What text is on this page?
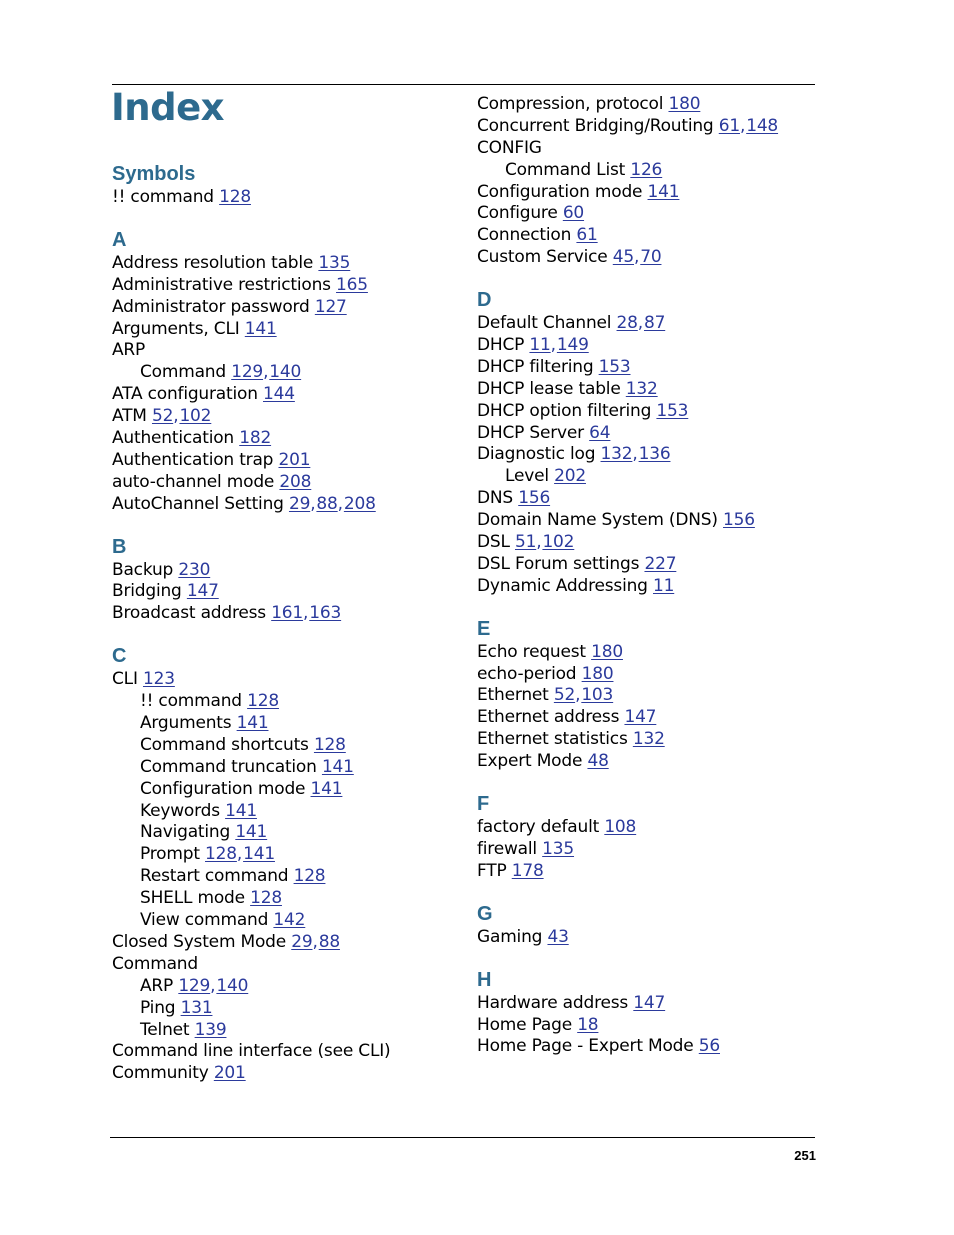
Index
Symbols
!! command 128
A
Address resolution table 135
Administrative restrictions 165
Administrator password 127
Arguments, CLI 141
ARP
Command 129,140
ATA configuration 144
ATM 52,102
Authentication 182
Authentication trap 201
auto-channel mode 208
AutoChannel Setting 29,88,208
B
Backup 230
Bridging 147
Broadcast address 161,163
C
CLI 123
!! command 128
Arguments 141
Command shortcuts 128
Command truncation 141
Configuration mode 141
Keywords 141
Navigating 141
Prompt 128,141
Restart command 128
SHELL mode 128
View command 142
Closed System Mode 29,88
Command
ARP 129,140
Ping 131
Telnet 139
Command line interface (see CLI)
Community 201
Compression, protocol 180
Concurrent Bridging/Routing 61,148
CONFIG
Command List 126
Configuration mode 141
Configure 60
Connection 61
Custom Service 45,70
D
Default Channel 28,87
DHCP 11,149
DHCP filtering 153
DHCP lease table 132
DHCP option filtering 153
DHCP Server 64
Diagnostic log 132,136
Level 202
DNS 156
Domain Name System (DNS) 156
DSL 51,102
DSL Forum settings 227
Dynamic Addressing 11
E
Echo request 180
echo-period 180
Ethernet 52,103
Ethernet address 147
Ethernet statistics 132
Expert Mode 48
F
factory default 108
firewall 135
FTP 178
G
Gaming 43
H
Hardware address 147
Home Page 18
Home Page - Expert Mode 56
251
